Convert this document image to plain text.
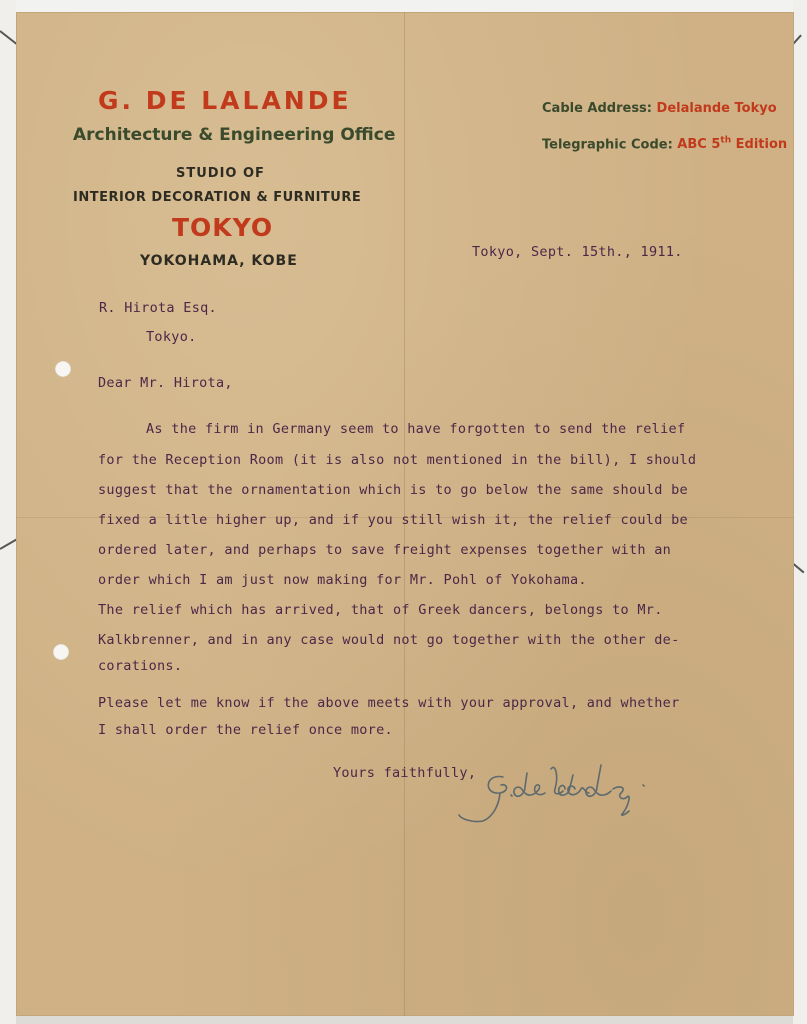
G. DE LALANDE
Architecture & Engineering Office
STUDIO OF
INTERIOR DECORATION & FURNITURE
TOKYO
YOKOHAMA, KOBE
Cable Address: Delalande Tokyo
Telegraphic Code: ABC 5th Edition
Tokyo, Sept. 15th., 1911.
R. Hirota Esq.
Tokyo.
Dear Mr. Hirota,
As the firm in Germany seem to have forgotten to send the relief
for the Reception Room (it is also not mentioned in the bill), I should
suggest that the ornamentation which is to go below the same should be
fixed a litle higher up, and if you still wish it, the relief could be
ordered later, and perhaps to save freight expenses together with an
order which I am just now making for Mr. Pohl of Yokohama.
The relief which has arrived, that of Greek dancers, belongs to Mr.
Kalkbrenner, and in any case would not go together with the other de-
corations.
Please let me know if the above meets with your approval, and whether
I shall order the relief once more.
Yours faithfully,
